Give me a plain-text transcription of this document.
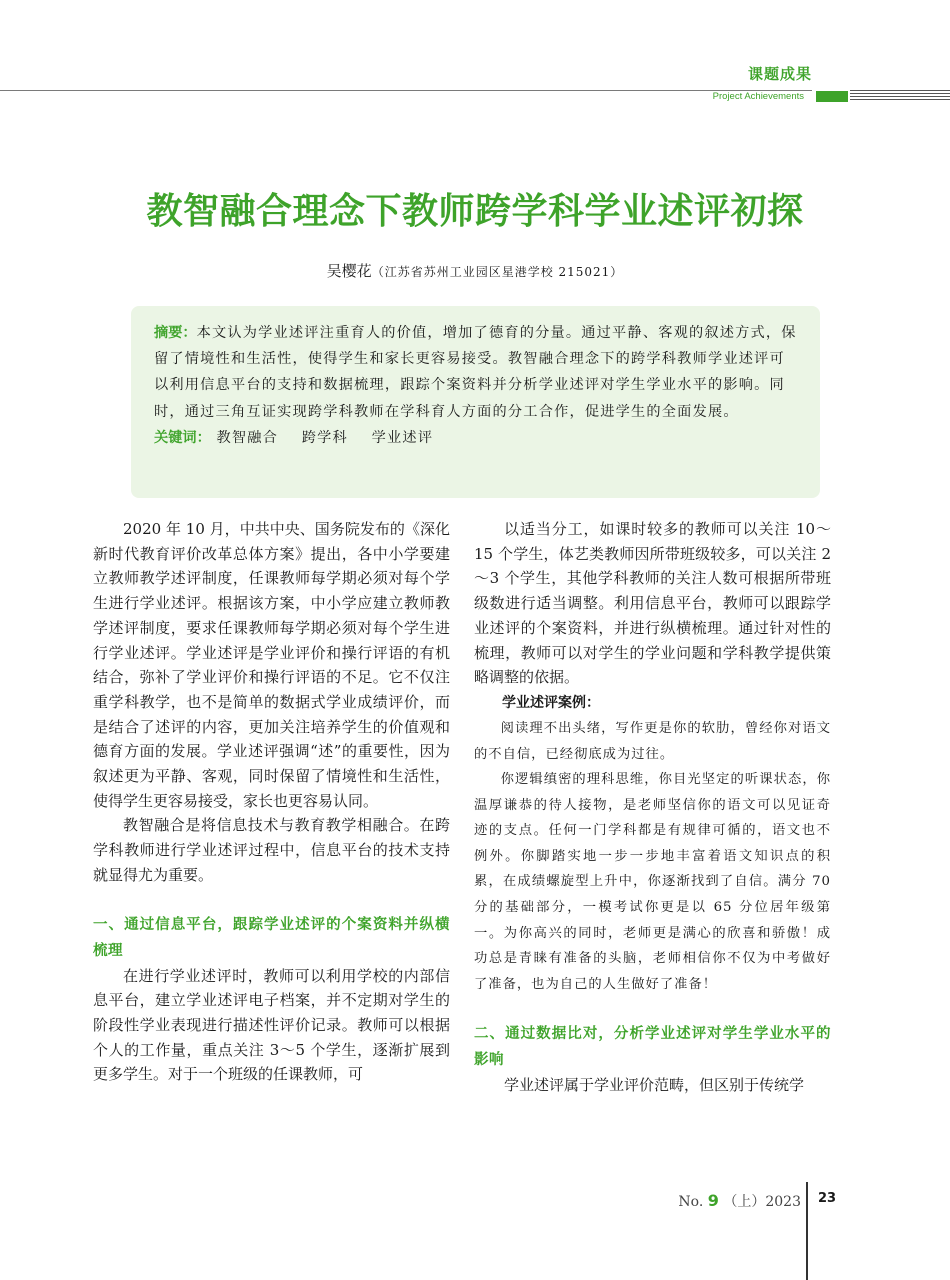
课题成果
Project Achievements
教智融合理念下教师跨学科学业述评初探
吴樱花（江苏省苏州工业园区星港学校 215021）
摘要：本文认为学业述评注重育人的价值，增加了德育的分量。通过平静、客观的叙述方式，保留了情境性和生活性，使得学生和家长更容易接受。教智融合理念下的跨学科教师学业述评可以利用信息平台的支持和数据梳理，跟踪个案资料并分析学业述评对学生学业水平的影响。同时，通过三角互证实现跨学科教师在学科育人方面的分工合作，促进学生的全面发展。
关键词： 教智融合 跨学科 学业述评

2020 年 10 月，中共中央、国务院发布的《深化新时代教育评价改革总体方案》提出，各中小学要建立教师教学述评制度，任课教师每学期必须对每个学生进行学业述评。根据该方案，中小学应建立教师教学述评制度，要求任课教师每学期必须对每个学生进行学业述评。学业述评是学业评价和操行评语的有机结合，弥补了学业评价和操行评语的不足。它不仅注重学科教学，也不是简单的数据式学业成绩评价，而是结合了述评的内容，更加关注培养学生的价值观和德育方面的发展。学业述评强调“述”的重要性，因为叙述更为平静、客观，同时保留了情境性和生活性，使得学生更容易接受，家长也更容易认同。

教智融合是将信息技术与教育教学相融合。在跨学科教师进行学业述评过程中，信息平台的技术支持就显得尤为重要。

一、通过信息平台，跟踪学业述评的个案资料并纵横梳理

在进行学业述评时，教师可以利用学校的内部信息平台，建立学业述评电子档案，并不定期对学生的阶段性学业表现进行描述性评价记录。教师可以根据个人的工作量，重点关注 3～5 个学生，逐渐扩展到更多学生。对于一个班级的任课教师，可

以适当分工，如课时较多的教师可以关注 10～15 个学生，体艺类教师因所带班级较多，可以关注 2～3 个学生，其他学科教师的关注人数可根据所带班级数进行适当调整。利用信息平台，教师可以跟踪学业述评的个案资料，并进行纵横梳理。通过针对性的梳理，教师可以对学生的学业问题和学科教学提供策略调整的依据。

学业述评案例：

阅读理不出头绪，写作更是你的软肋，曾经你对语文的不自信，已经彻底成为过往。

你逻辑缜密的理科思维，你目光坚定的听课状态，你温厚谦恭的待人接物，是老师坚信你的语文可以见证奇迹的支点。任何一门学科都是有规律可循的，语文也不例外。你脚踏实地一步一步地丰富着语文知识点的积累，在成绩螺旋型上升中，你逐渐找到了自信。满分 70 分的基础部分，一模考试你更是以 65 分位居年级第一。为你高兴的同时，老师更是满心的欣喜和骄傲！成功总是青睐有准备的头脑，老师相信你不仅为中考做好了准备，也为自己的人生做好了准备！

二、通过数据比对，分析学业述评对学生学业水平的影响

学业述评属于学业评价范畴，但区别于传统学

No. 9 （上）2023 23
